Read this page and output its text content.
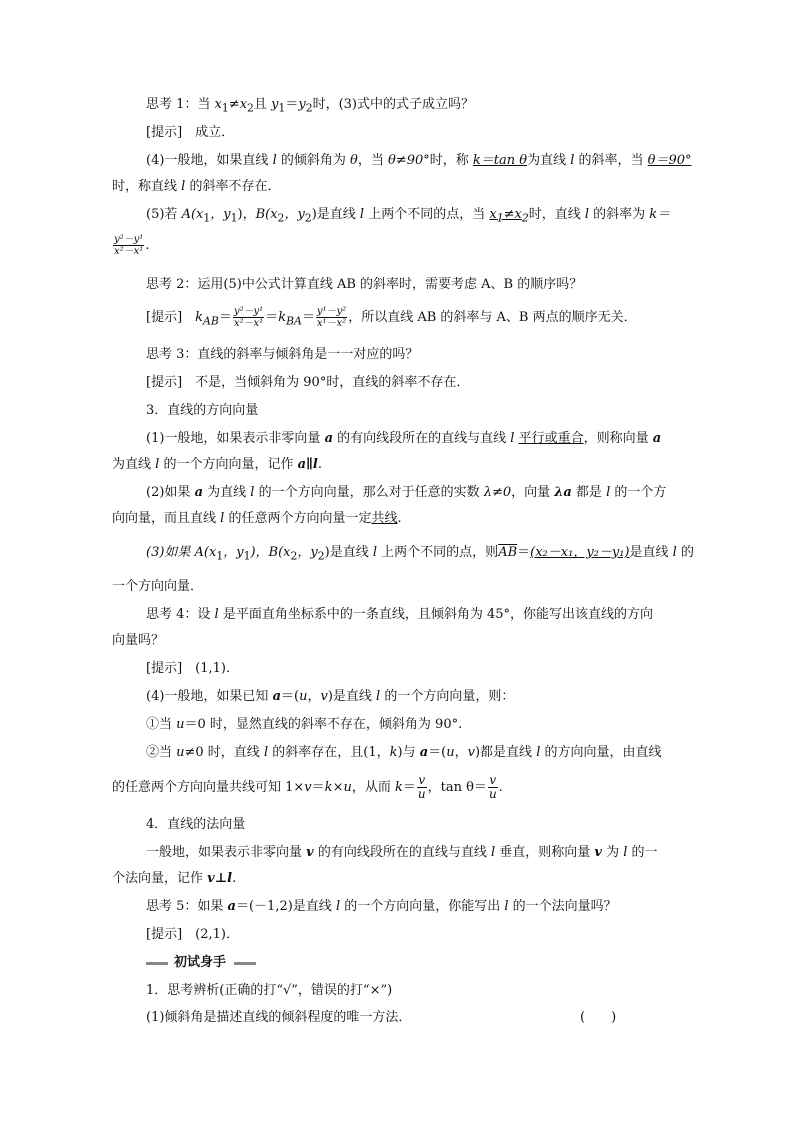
思考 1：当 $x_1\ne x_2$且 $y_1=y_2$时，(3)式中的式子成立吗？
[提示]　成立．
(4)一般地，如果直线 l 的倾斜角为 θ，当 θ≠90°时，称 k＝tan θ为直线 l 的斜率，当 θ＝90°
时，称直线 l 的斜率不存在．
(5)若 $A(x_1$，$y_1$)，$B(x_2$，$y_2$)是直线 l 上两个不同的点，当 $x_1\ne x_2$时，直线 l 的斜率为 k＝
$\frac{\text{y²－y¹}}{\text{x²－x¹}}$ .
思考 2：运用(5)中公式计算直线 AB 的斜率时，需要考虑 A、B 的顺序吗？
[提示]　$k_{AB}= \frac{\text{y²－y¹}}{\text{x²－x¹}} =k_{BA}= \frac{\text{y¹－y²}}{\text{x¹－x²}}$ ，所以直线 AB 的斜率与 A、B 两点的顺序无关．
思考 3：直线的斜率与倾斜角是一一对应的吗？
[提示]　不是，当倾斜角为 90°时，直线的斜率不存在．
3．直线的方向向量
(1)一般地，如果表示非零向量 a 的有向线段所在的直线与直线 l 平行或重合，则称向量 a
为直线 l 的一个方向向量，记作 a∥l.
(2)如果 a 为直线 l 的一个方向向量，那么对于任意的实数 λ≠0，向量 λa 都是 l 的一个方
向向量，而且直线 l 的任意两个方向向量一定共线.
(3)如果 $A(x_1$，$y_1$)，$B(x_2$，$y_2$)是直线 l 上两个不同的点，则$\overline{AB}=(x_2-x_1$，y₂－y₁)是直线 l 的
一个方向向量．
思考 4：设 l 是平面直角坐标系中的一条直线，且倾斜角为 45°，你能写出该直线的方向
向量吗？
[提示]　(1,1)．
(4)一般地，如果已知 a＝(u，v)是直线 l 的一个方向向量，则：
①当 u＝0 时，显然直线的斜率不存在，倾斜角为 90°.
②当 u≠0 时，直线 l 的斜率存在，且(1，k)与 a＝(u，v)都是直线 l 的方向向量，由直线
的任意两个方向向量共线可知 1×v＝k×u，从而 $k= \frac{v}{u}$ ，$\tan \theta= \frac{v}{u}$ .
4．直线的法向量
一般地，如果表示非零向量 v 的有向线段所在的直线与直线 l 垂直，则称向量 v 为 l 的一
个法向量，记作 v⊥l.
思考 5：如果 a＝(－1,2)是直线 l 的一个方向向量，你能写出 l 的一个法向量吗？
[提示]　(2,1)．
初试身手
1．思考辨析(正确的打“√”，错误的打“×”)
(1)倾斜角是描述直线的倾斜程度的唯一方法．	(　　)
